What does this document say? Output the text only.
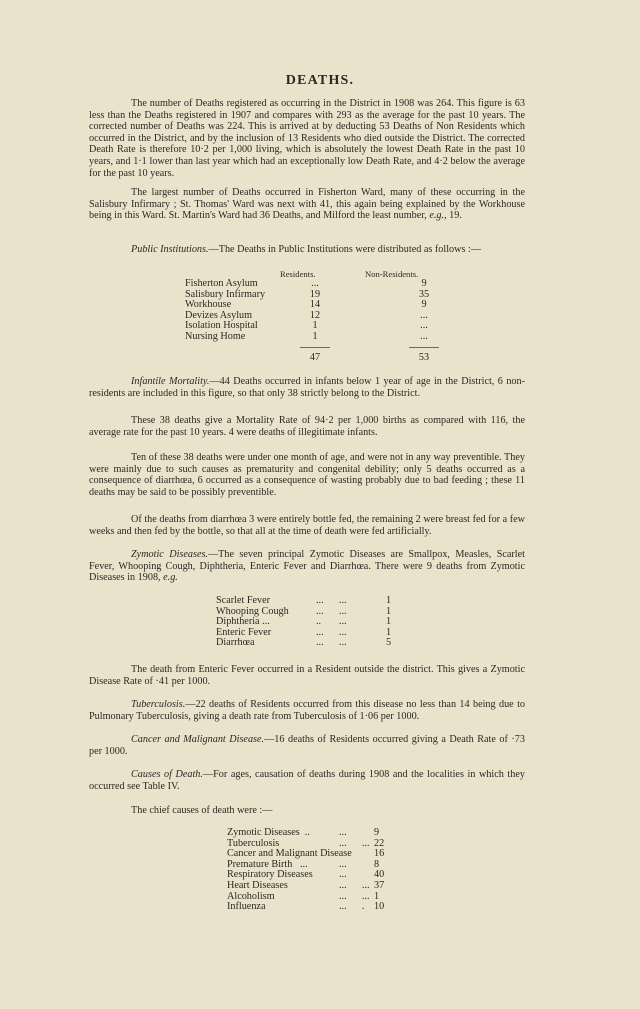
DEATHS.

The number of Deaths registered as occurring in the District in 1908 was 264. This figure is 63 less than the Deaths registered in 1907 and compares with 293 as the average for the past 10 years. The corrected number of Deaths was 224. This is arrived at by deducting 53 Deaths of Non Residents which occurred in the District, and by the inclusion of 13 Residents who died outside the District. The corrected Death Rate is therefore 10·2 per 1,000 living, which is absolutely the lowest Death Rate in the past 10 years, and 1·1 lower than last year which had an exceptionally low Death Rate, and 4·2 below the average for the past 10 years.

The largest number of Deaths occurred in Fisherton Ward, many of these occurring in the Salisbury Infirmary ; St. Thomas' Ward was next with 41, this again being explained by the Workhouse being in this Ward. St. Martin's Ward had 36 Deaths, and Milford the least number, e.g., 19.

Public Institutions.—The Deaths in Public Institutions were distributed as follows :—

Residents.	Non-Residents.
Fisherton Asylum	...	9
Salisbury Infirmary	19	35
Workhouse	14	9
Devizes Asylum	12	...
Isolation Hospital	1	...
Nursing Home	1	...
47	53

Infantile Mortality.—44 Deaths occurred in infants below 1 year of age in the District, 6 non-residents are included in this figure, so that only 38 strictly belong to the District.

These 38 deaths give a Mortality Rate of 94·2 per 1,000 births as compared with 116, the average rate for the past 10 years. 4 were deaths of illegitimate infants.

Ten of these 38 deaths were under one month of age, and were not in any way preventible. They were mainly due to such causes as prematurity and congenital debility; only 5 deaths occurred as a consequence of diarrhœa, 6 occurred as a consequence of wasting probably due to bad feeding ; these 11 deaths may be said to be possibly preventible.

Of the deaths from diarrhœa 3 were entirely bottle fed, the remaining 2 were breast fed for a few weeks and then fed by the bottle, so that all at the time of death were fed artificially.

Zymotic Diseases.—The seven principal Zymotic Diseases are Smallpox, Measles, Scarlet Fever, Whooping Cough, Diphtheria, Enteric Fever and Diarrhœa. There were 9 deaths from Zymotic Diseases in 1908, e.g.

Scarlet Fever	...      ...	1
Whooping Cough	...      ...	1
Diphtheria ...	..       ...	1
Enteric Fever	...      ...	1
Diarrhœa	...      ...	5

The death from Enteric Fever occurred in a Resident outside the district. This gives a Zymotic Disease Rate of ·41 per 1000.

Tuberculosis.—22 deaths of Residents occurred from this disease no less than 14 being due to Pulmonary Tuberculosis, giving a death rate from Tuberculosis of 1·06 per 1000.

Cancer and Malignant Disease.—16 deaths of Residents occurred giving a Death Rate of ·73 per 1000.

Causes of Death.—For ages, causation of deaths during 1908 and the localities in which they occurred see Table IV.

The chief causes of death were :—

Zymotic Diseases  ..	...	9
Tuberculosis	...      ... 22
Cancer and Malignant Disease 16
Premature Birth   ...	...	8
Respiratory Diseases	...	40
Heart Diseases	...      ... 37
Alcoholism	...      ... 1
Influenza	...      . 10
